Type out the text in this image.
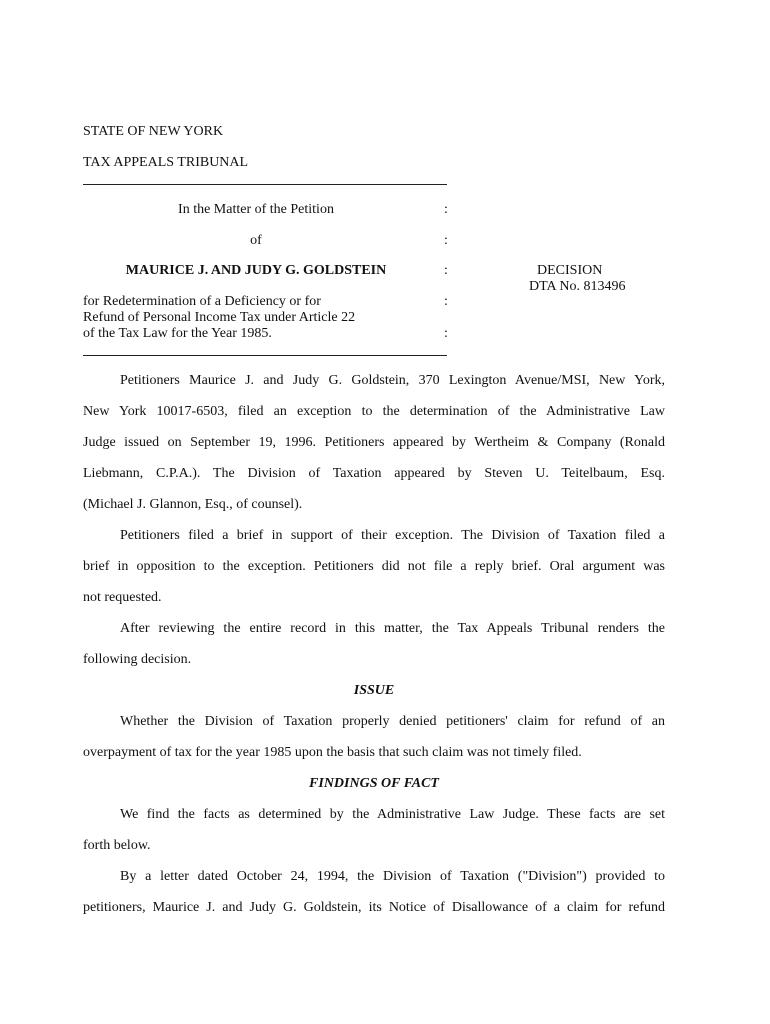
STATE OF NEW YORK
TAX APPEALS TRIBUNAL
In the Matter of the Petition	:
of	:
MAURICE J. AND JUDY G. GOLDSTEIN	:	DECISION
DTA No. 813496
for Redetermination of a Deficiency or for	:
Refund of Personal Income Tax under Article 22
of the Tax Law for the Year 1985.	:
Petitioners Maurice J. and Judy G. Goldstein, 370 Lexington Avenue/MSI, New York,
New York 10017-6503, filed an exception to the determination of the Administrative Law
Judge issued on September 19, 1996. Petitioners appeared by Wertheim & Company (Ronald
Liebmann, C.P.A.). The Division of Taxation appeared by Steven U. Teitelbaum, Esq.
(Michael J. Glannon, Esq., of counsel).
Petitioners filed a brief in support of their exception. The Division of Taxation filed a
brief in opposition to the exception. Petitioners did not file a reply brief. Oral argument was
not requested.
After reviewing the entire record in this matter, the Tax Appeals Tribunal renders the
following decision.
ISSUE
Whether the Division of Taxation properly denied petitioners' claim for refund of an
overpayment of tax for the year 1985 upon the basis that such claim was not timely filed.
FINDINGS OF FACT
We find the facts as determined by the Administrative Law Judge. These facts are set
forth below.
By a letter dated October 24, 1994, the Division of Taxation ("Division") provided to
petitioners, Maurice J. and Judy G. Goldstein, its Notice of Disallowance of a claim for refund
